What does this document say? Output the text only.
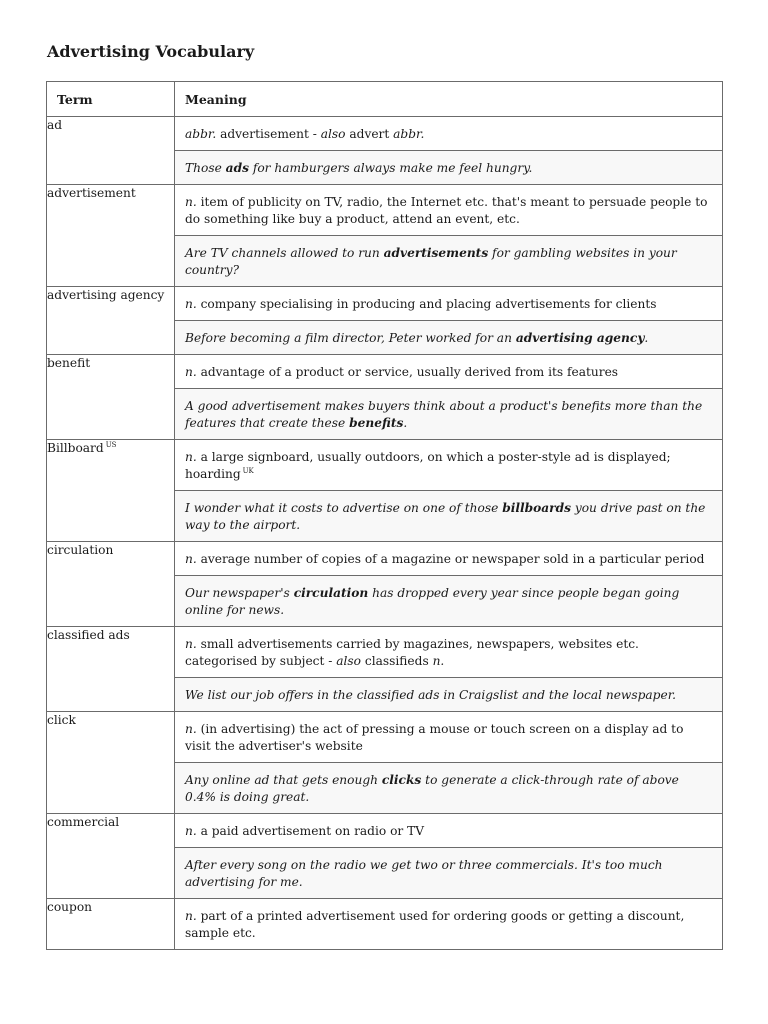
Advertising Vocabulary
Term	Meaning
ad	abbr. advertisement - also advert abbr.
Those ads for hamburgers always make me feel hungry.

advertisement	n. item of publicity on TV, radio, the Internet etc. that's meant to persuade people to do something like buy a product, attend an event, etc.
Are TV channels allowed to run advertisements for gambling websites in your country?

advertising agency	n. company specialising in producing and placing advertisements for clients
Before becoming a film director, Peter worked for an advertising agency.

benefit	n. advantage of a product or service, usually derived from its features
A good advertisement makes buyers think about a product's benefits more than the features that create these benefits.

Billboard $^{US}$	n. a large signboard, usually outdoors, on which a poster-style ad is displayed; hoarding $^{UK}$
I wonder what it costs to advertise on one of those billboards you drive past on the way to the airport.

circulation	n. average number of copies of a magazine or newspaper sold in a particular period
Our newspaper's circulation has dropped every year since people began going online for news.

classified ads	n. small advertisements carried by magazines, newspapers, websites etc. categorised by subject - also classifieds n.
We list our job offers in the classified ads in Craigslist and the local newspaper.

click	n. (in advertising) the act of pressing a mouse or touch screen on a display ad to visit the advertiser's website
Any online ad that gets enough clicks to generate a click-through rate of above 0.4% is doing great.

commercial	n. a paid advertisement on radio or TV
After every song on the radio we get two or three commercials. It's too much advertising for me.

coupon	n. part of a printed advertisement used for ordering goods or getting a discount, sample etc.
